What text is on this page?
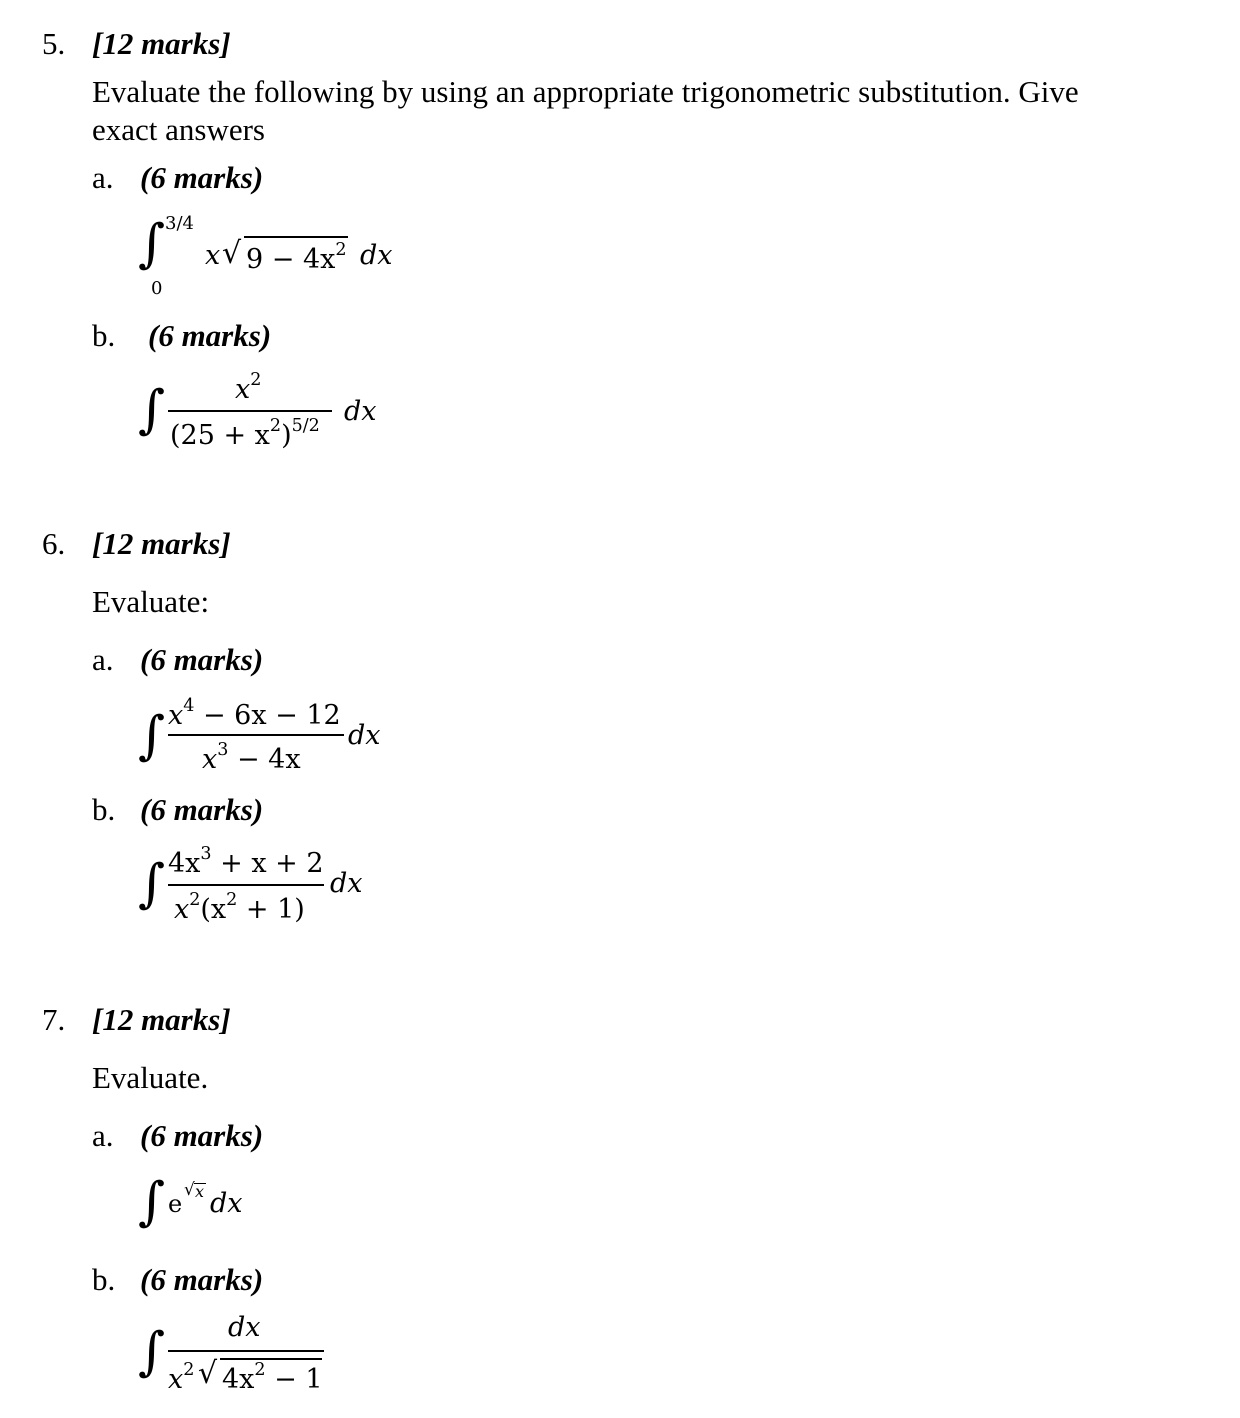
5. [12 marks]
Evaluate the following by using an appropriate trigonometric substitution. Give
exact answers
a. (6 marks)
∫ 3/4
0
x √ $9 - 4x^2$ dx
b. (6 marks)
∫	$x^2$
$(25 + x^2)^{5/2}$ dx
6. [12 marks]
Evaluate:
a. (6 marks)
∫ $x^4 - 6x - 12$
$x^3 - 4x$
dx
b. (6 marks)
∫ $4x^3 + x + 2$
$x^2(x^2 + 1)$
dx
7. [12 marks]
Evaluate.
a. (6 marks)
∫ e √ x dx
b. (6 marks)
∫ dx
$x^2$ √ $4x^2 - 1$
